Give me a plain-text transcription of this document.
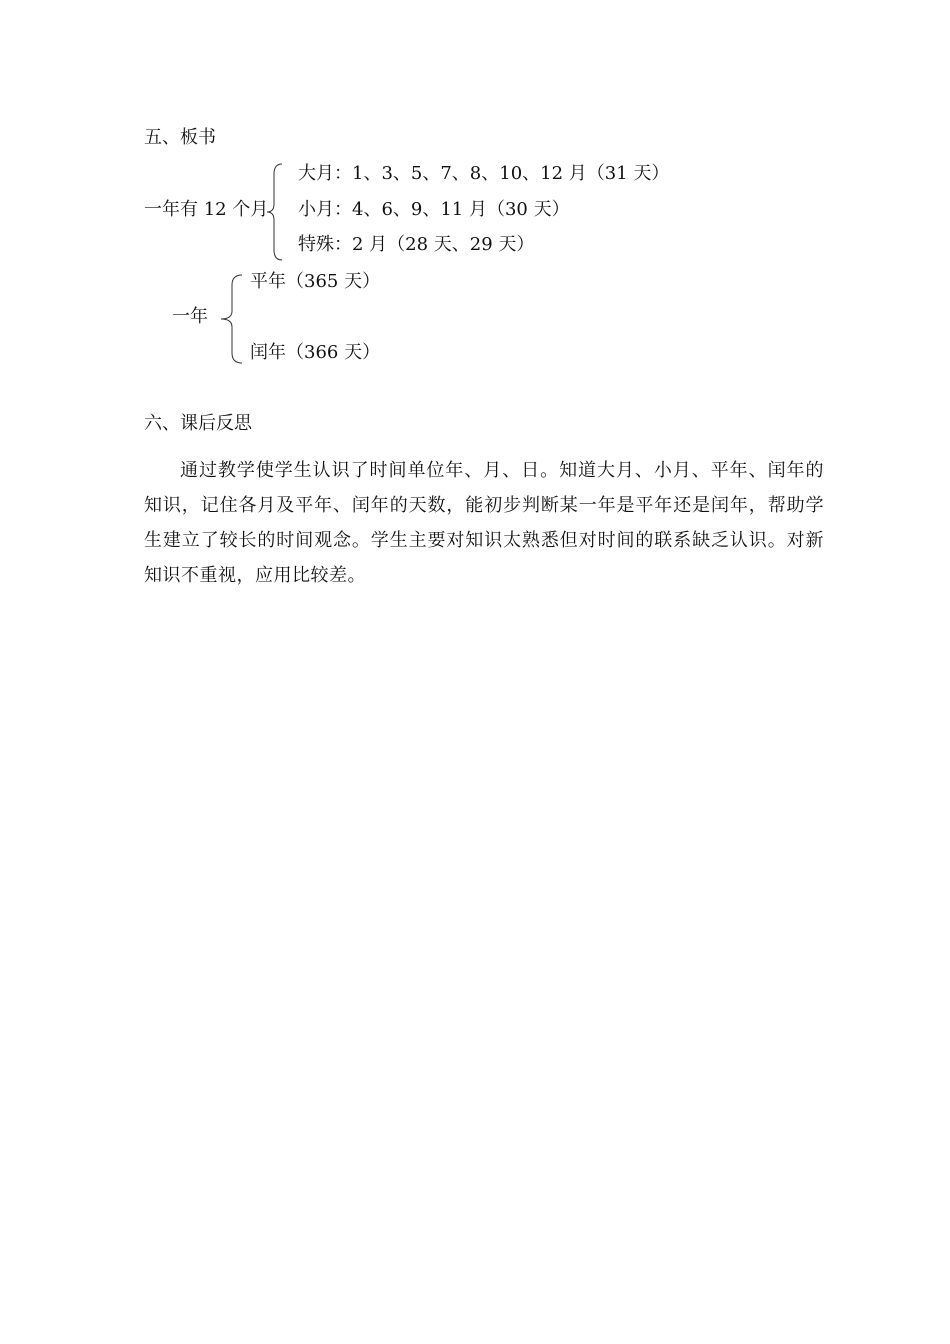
五、板书
一年有 12 个月
大月：1、3、5、7、8、10、12 月（31 天）
小月：4、6、9、11 月（30 天）
特殊：2 月（28 天、29 天）
一年
平年（365 天）
闰年（366 天）
六、课后反思
通过教学使学生认识了时间单位年、月、日。知道大月、小月、平年、闰年的知识，记住各月及平年、闰年的天数，能初步判断某一年是平年还是闰年，帮助学生建立了较长的时间观念。学生主要对知识太熟悉但对时间的联系缺乏认识。对新知识不重视，应用比较差。
